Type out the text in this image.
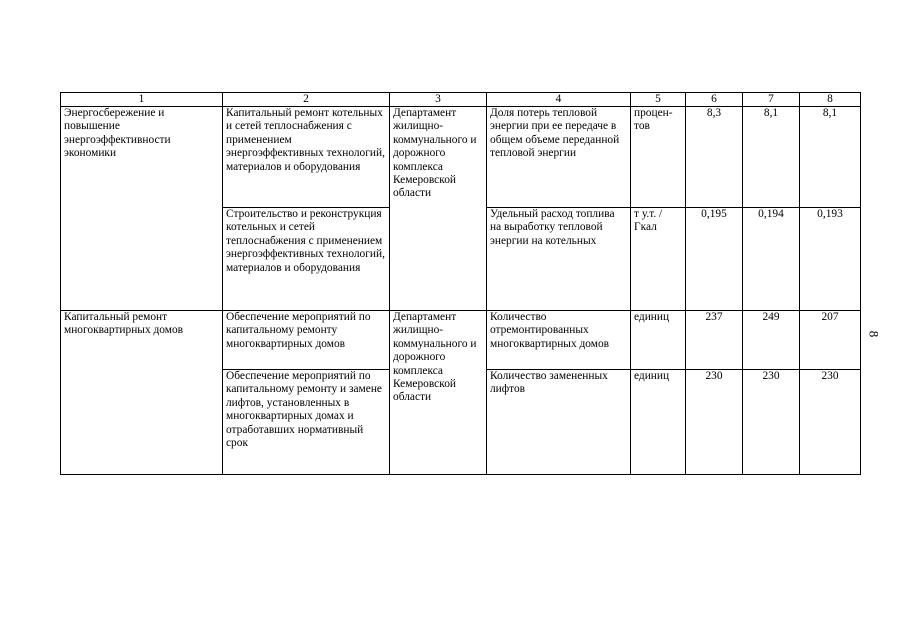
1	2	3	4	5	6	7	8
Энергосбережение и повышение энергоэффективности экономики	Капитальный ремонт котельных и сетей теплоснабжения с применением энергоэффективных технологий, материалов и оборудования	Департамент жилищно-коммунального и дорожного комплекса Кемеровской области	Доля потерь тепловой энергии при ее передаче в общем объеме переданной тепловой энергии	процен-тов	8,3	8,1	8,1
	Строительство и реконструкция котельных и сетей теплоснабжения с применением энергоэффективных технологий, материалов и оборудования		Удельный расход топлива на выработку тепловой энергии на котельных	т у.т. / Гкал	0,195	0,194	0,193
Капитальный ремонт многоквартирных домов	Обеспечение мероприятий по капитальному ремонту многоквартирных домов	Департамент жилищно-коммунального и дорожного комплекса Кемеровской области	Количество отремонтированных многоквартирных домов	единиц	237	249	207
	Обеспечение мероприятий по капитальному ремонту и замене лифтов, установленных в многоквартирных домах и отработавших нормативный срок		Количество замененных лифтов	единиц	230	230	230
8
